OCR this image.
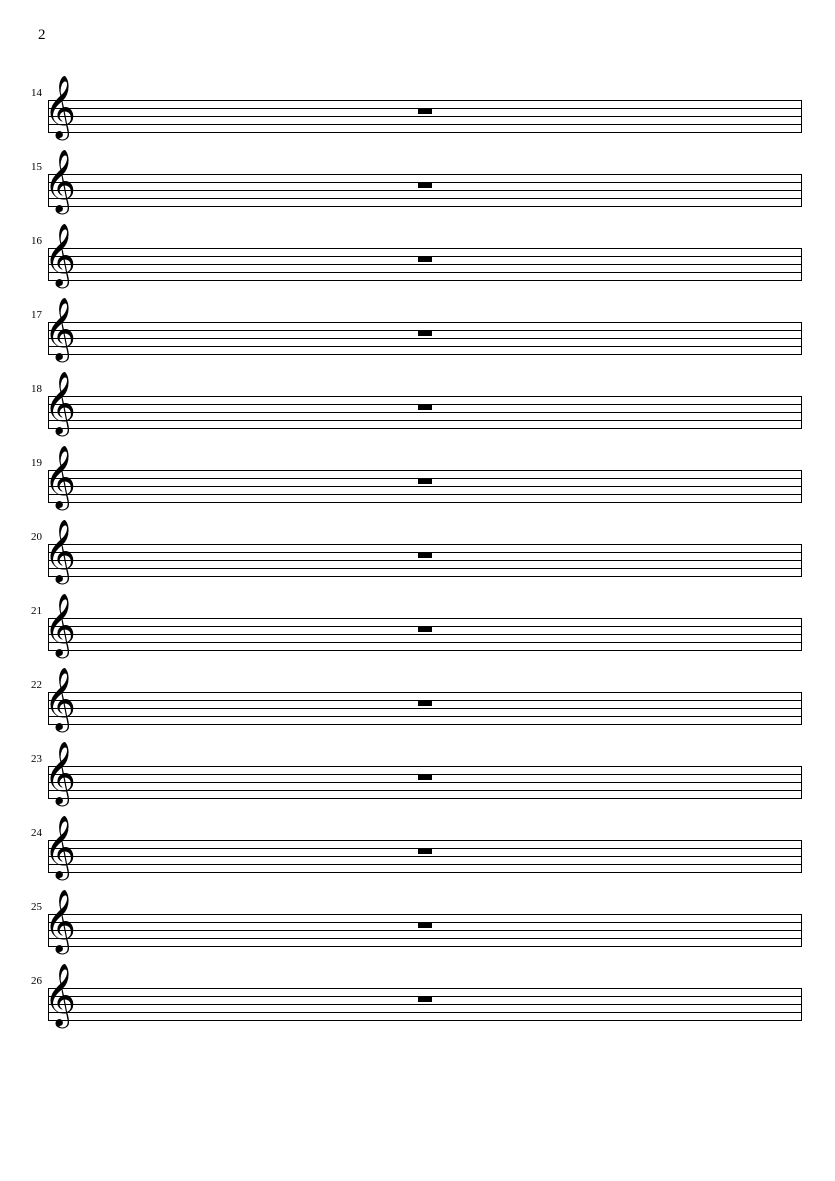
2
14 𝄞
15 𝄞
16 𝄞
17 𝄞
18 𝄞
19 𝄞
20 𝄞
21 𝄞
22 𝄞
23 𝄞
24 𝄞
25 𝄞
26 𝄞
